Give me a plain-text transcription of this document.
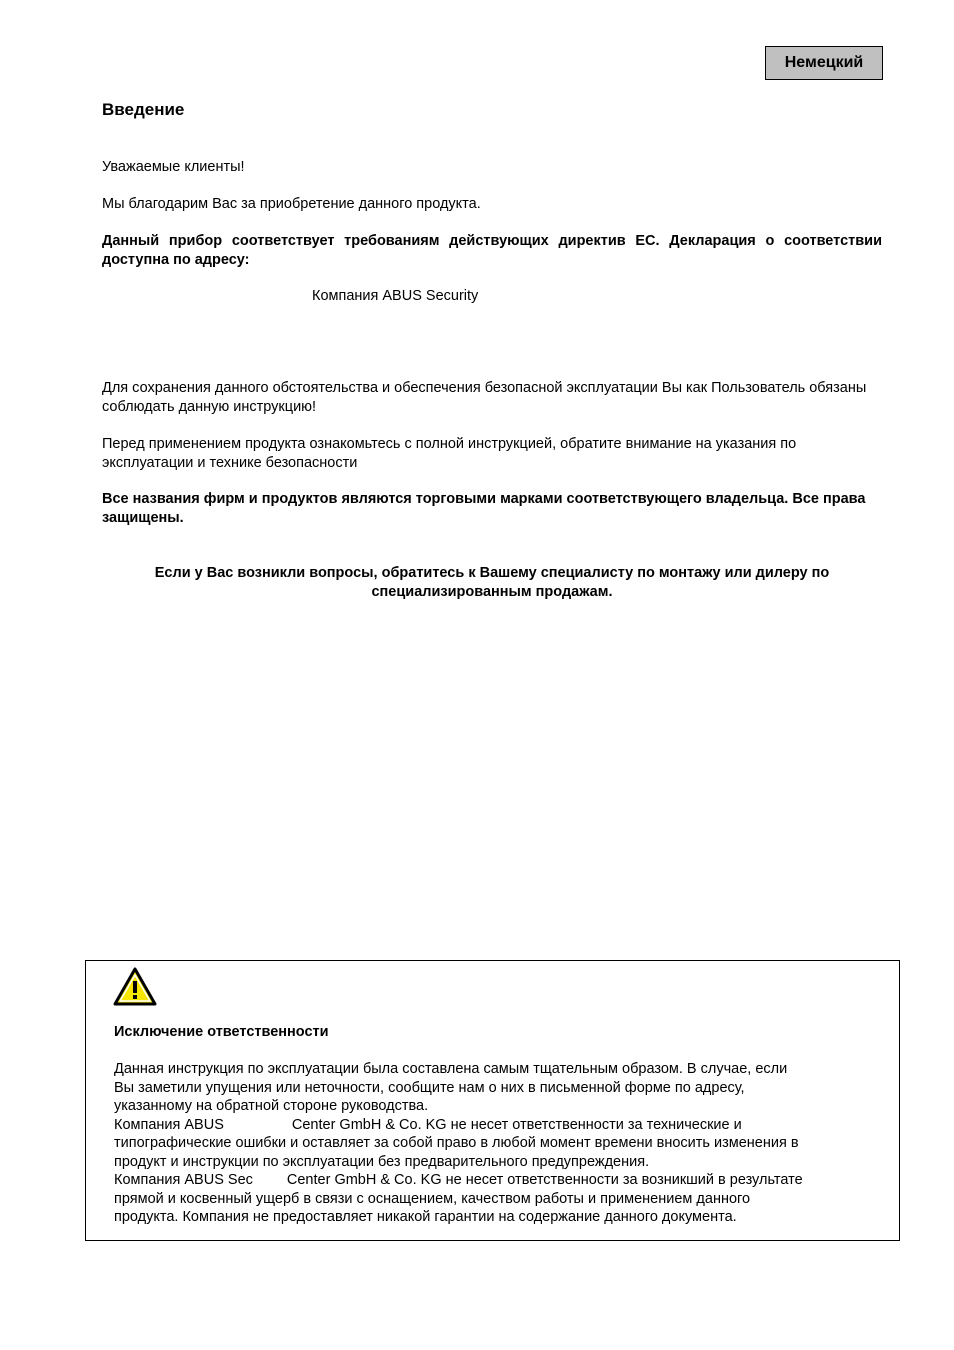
Немецкий
Введение
Уважаемые клиенты!
Мы благодарим Вас за приобретение данного продукта.
Данный прибор соответствует требованиям действующих директив ЕС. Декларация о соответствии доступна по адресу:
Компания ABUS Security
Для сохранения данного обстоятельства и обеспечения безопасной эксплуатации Вы как Пользователь обязаны соблюдать данную инструкцию!
Перед применением продукта ознакомьтесь с полной инструкцией, обратите внимание на указания по эксплуатации и технике безопасности
Все названия фирм и продуктов являются торговыми марками соответствующего владельца. Все права защищены.
Если у Вас возникли вопросы, обратитесь к Вашему специалисту по монтажу или дилеру по специализированным продажам.
Исключение ответственности
Данная инструкция по эксплуатации была составлена самым тщательным образом. В случае, если
Вы заметили упущения или неточности, сообщите нам о них в письменной форме по адресу,
указанному на обратной стороне руководства.
Компания ABUS	Center GmbH & Co. KG не несет ответственности за технические и
типографические ошибки и оставляет за собой право в любой момент времени вносить изменения в
продукт и инструкции по эксплуатации без предварительного предупреждения.
Компания ABUS Sec Center GmbH & Co. KG не несет ответственности за возникший в результате
прямой и косвенный ущерб в связи с оснащением, качеством работы и применением данного
продукта. Компания не предоставляет никакой гарантии на содержание данного документа.
